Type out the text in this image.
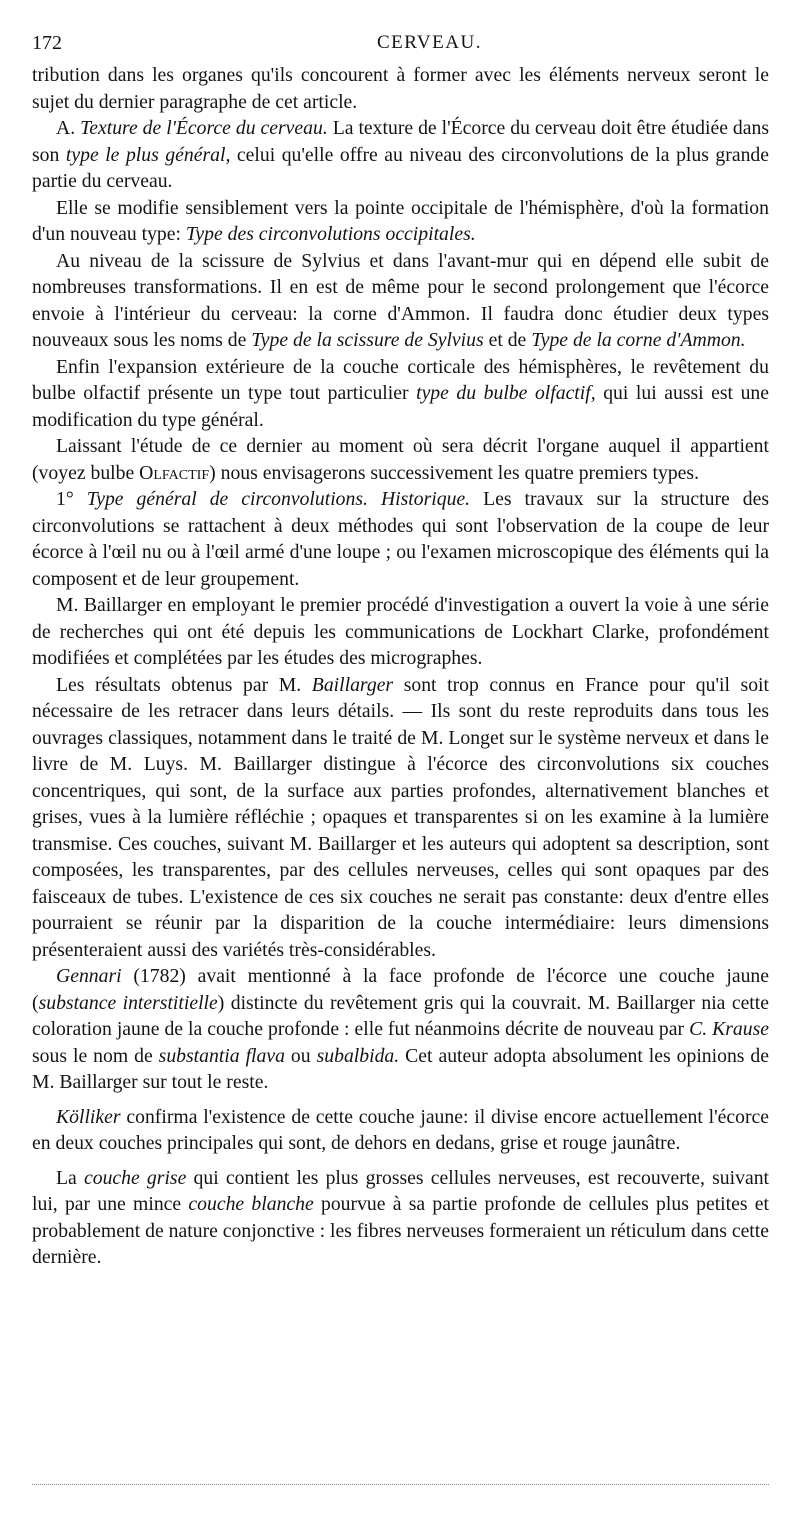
172	CERVEAU.

tribution dans les organes qu'ils concourent à former avec les éléments nerveux seront le sujet du dernier paragraphe de cet article.

A. Texture de l'Écorce du cerveau. La texture de l'Écorce du cerveau doit être étudiée dans son type le plus général, celui qu'elle offre au niveau des circonvolutions de la plus grande partie du cerveau.

Elle se modifie sensiblement vers la pointe occipitale de l'hémisphère, d'où la formation d'un nouveau type: Type des circonvolutions occipitales.

Au niveau de la scissure de Sylvius et dans l'avant-mur qui en dépend elle subit de nombreuses transformations. Il en est de même pour le second prolongement que l'écorce envoie à l'intérieur du cerveau: la corne d'Ammon. Il faudra donc étudier deux types nouveaux sous les noms de Type de la scissure de Sylvius et de Type de la corne d'Ammon.

Enfin l'expansion extérieure de la couche corticale des hémisphères, le revêtement du bulbe olfactif présente un type tout particulier type du bulbe olfactif, qui lui aussi est une modification du type général.

Laissant l'étude de ce dernier au moment où sera décrit l'organe auquel il appartient (voyez bulbe Olfactif) nous envisagerons successivement les quatre premiers types.

1° Type général de circonvolutions. Historique. Les travaux sur la structure des circonvolutions se rattachent à deux méthodes qui sont l'observation de la coupe de leur écorce à l'œil nu ou à l'œil armé d'une loupe ; ou l'examen microscopique des éléments qui la composent et de leur groupement.

M. Baillarger en employant le premier procédé d'investigation a ouvert la voie à une série de recherches qui ont été depuis les communications de Lockhart Clarke, profondément modifiées et complétées par les études des micrographes.

Les résultats obtenus par M. Baillarger sont trop connus en France pour qu'il soit nécessaire de les retracer dans leurs détails. — Ils sont du reste reproduits dans tous les ouvrages classiques, notamment dans le traité de M. Longet sur le système nerveux et dans le livre de M. Luys. M. Baillarger distingue à l'écorce des circonvolutions six couches concentriques, qui sont, de la surface aux parties profondes, alternativement blanches et grises, vues à la lumière réfléchie ; opaques et transparentes si on les examine à la lumière transmise. Ces couches, suivant M. Baillarger et les auteurs qui adoptent sa description, sont composées, les transparentes, par des cellules nerveuses, celles qui sont opaques par des faisceaux de tubes. L'existence de ces six couches ne serait pas constante: deux d'entre elles pourraient se réunir par la disparition de la couche intermédiaire: leurs dimensions présenteraient aussi des variétés très-considérables.

Gennari (1782) avait mentionné à la face profonde de l'écorce une couche jaune (substance interstitielle) distincte du revêtement gris qui la couvrait. M. Baillarger nia cette coloration jaune de la couche profonde : elle fut néanmoins décrite de nouveau par C. Krause sous le nom de substantia flava ou subalbida. Cet auteur adopta absolument les opinions de M. Baillarger sur tout le reste.

Kölliker confirma l'existence de cette couche jaune: il divise encore actuellement l'écorce en deux couches principales qui sont, de dehors en dedans, grise et rouge jaunâtre.

La couche grise qui contient les plus grosses cellules nerveuses, est recouverte, suivant lui, par une mince couche blanche pourvue à sa partie profonde de cellules plus petites et probablement de nature conjonctive : les fibres nerveuses formeraient un réticulum dans cette dernière.
